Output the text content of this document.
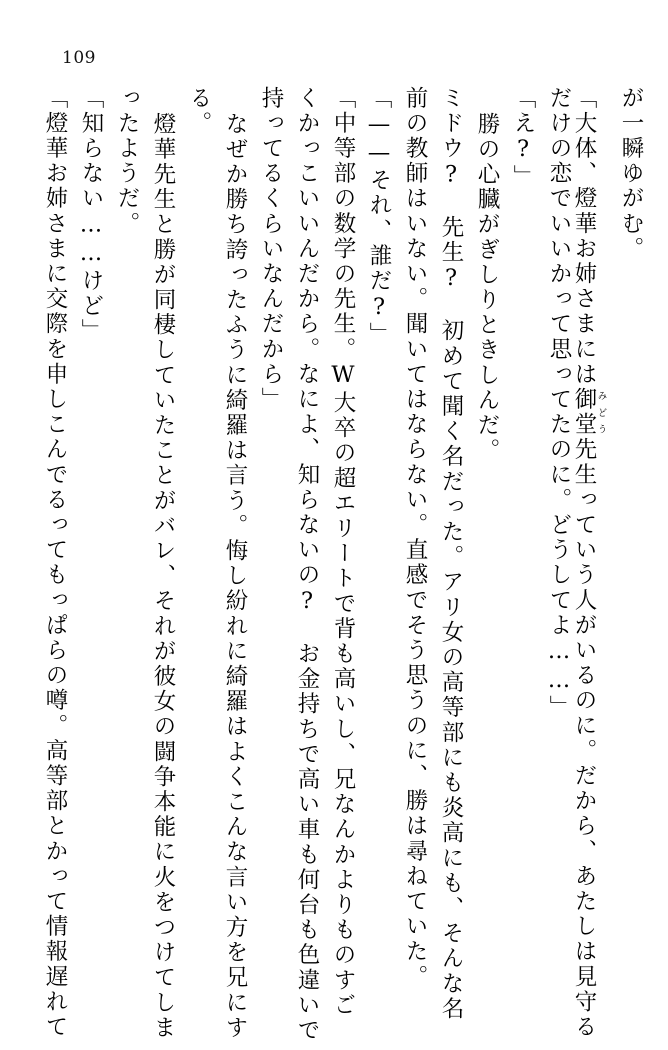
109
が一瞬ゆがむ。
「大体、燈華お姉さまには御堂みどう先生っていう人がいるのに。だから、あたしは見守る
だけの恋でいいかって思ってたのに。どうしてよ……」
「え?」
勝の心臓がぎしりときしんだ。
ミドウ?　先生?　初めて聞く名だった。アリ女の高等部にも炎高にも、そんな名
前の教師はいない。聞いてはならない。直感でそう思うのに、勝は尋ねていた。
「——それ、誰だ?」
「中等部の数学の先生。W大卒の超エリートで背も高いし、兄なんかよりものすご
くかっこいいんだから。なによ、知らないの?　お金持ちで高い車も何台も色違いで
持ってるくらいなんだから」
なぜか勝ち誇ったふうに綺羅は言う。悔し紛れに綺羅はよくこんな言い方を兄にす
る。
燈華先生と勝が同棲していたことがバレ、それが彼女の闘争本能に火をつけてしま
ったようだ。
「知らない……けど」
「燈華お姉さまに交際を申しこんでるってもっぱらの噂。高等部とかって情報遅れて
